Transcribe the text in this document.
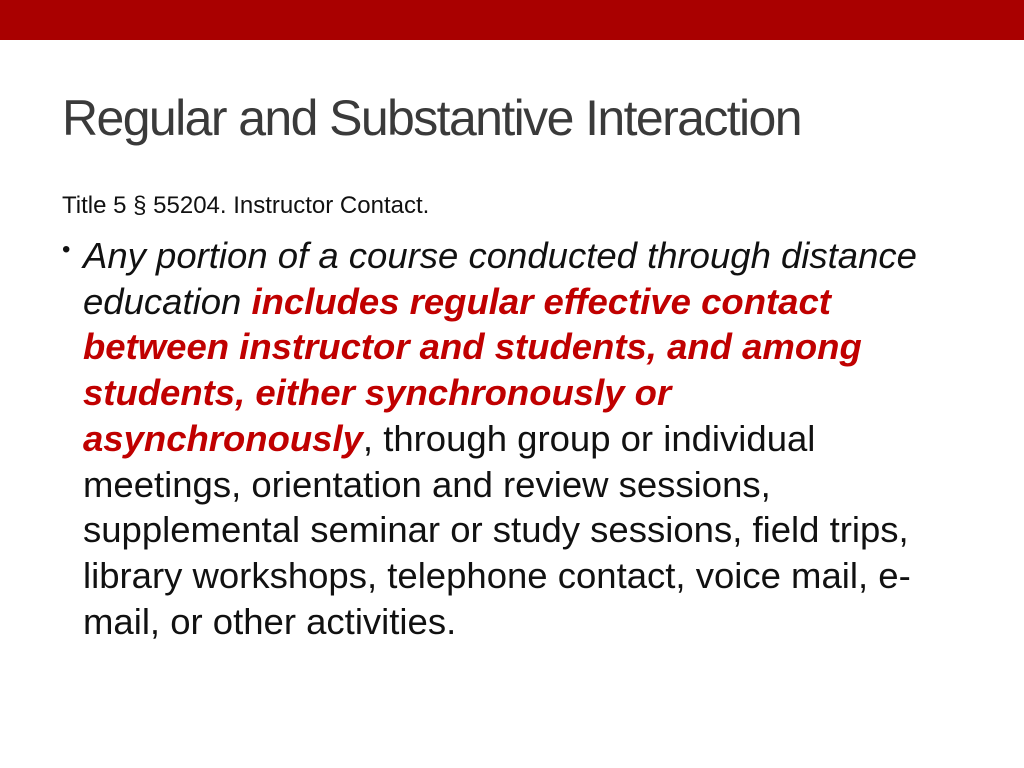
Regular and Substantive Interaction

Title 5 § 55204. Instructor Contact.

• Any portion of a course conducted through distance education includes regular effective contact between instructor and students, and among students, either synchronously or asynchronously, through group or individual meetings, orientation and review sessions, supplemental seminar or study sessions, field trips, library workshops, telephone contact, voice mail, e-mail, or other activities.
